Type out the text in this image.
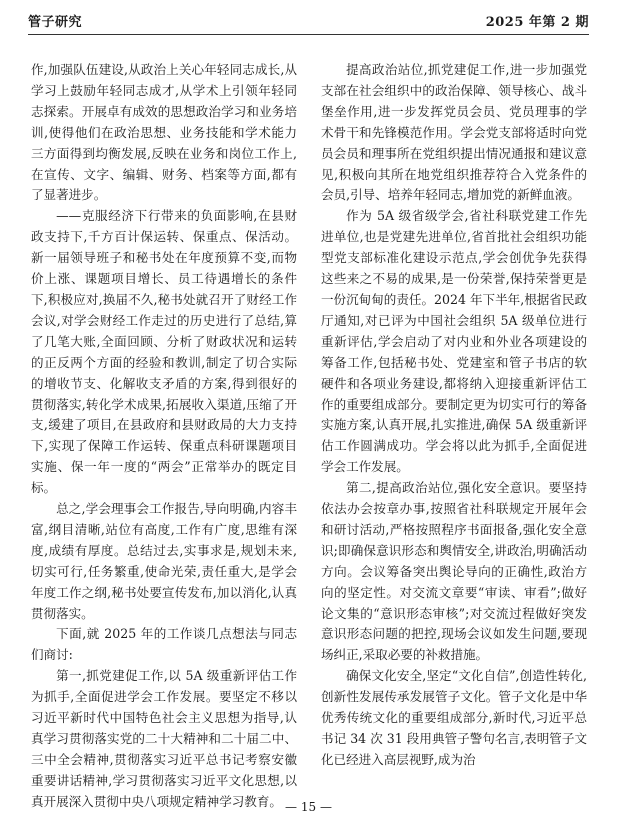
管子研究	2025 年第 2 期

作,加强队伍建设,从政治上关心年轻同志成长,从学习上鼓励年轻同志成才,从学术上引领年轻同志探索。开展卓有成效的思想政治学习和业务培训,使得他们在政治思想、业务技能和学术能力三方面得到均衡发展,反映在业务和岗位工作上,在宣传、文字、编辑、财务、档案等方面,都有了显著进步。

——克服经济下行带来的负面影响,在县财政支持下,千方百计保运转、保重点、保活动。新一届领导班子和秘书处在年度预算不变,而物价上涨、课题项目增长、员工待遇增长的条件下,积极应对,换届不久,秘书处就召开了财经工作会议,对学会财经工作走过的历史进行了总结,算了几笔大账,全面回顾、分析了财政状况和运转的正反两个方面的经验和教训,制定了切合实际的增收节支、化解收支矛盾的方案,得到很好的贯彻落实,转化学术成果,拓展收入渠道,压缩了开支,缓建了项目,在县政府和县财政局的大力支持下,实现了保障工作运转、保重点科研课题项目实施、保一年一度的“两会”正常举办的既定目标。

总之,学会理事会工作报告,导向明确,内容丰富,纲目清晰,站位有高度,工作有广度,思维有深度,成绩有厚度。总结过去,实事求是,规划未来,切实可行,任务繁重,使命光荣,责任重大,是学会年度工作之纲,秘书处要宣传发布,加以消化,认真贯彻落实。

下面,就 2025 年的工作谈几点想法与同志们商讨:

第一,抓党建促工作,以 5A 级重新评估工作为抓手,全面促进学会工作发展。要坚定不移以习近平新时代中国特色社会主义思想为指导,认真学习贯彻落实党的二十大精神和二十届二中、三中全会精神,贯彻落实习近平总书记考察安徽重要讲话精神,学习贯彻落实习近平文化思想,以真开展深入贯彻中央八项规定精神学习教育。

提高政治站位,抓党建促工作,进一步加强党支部在社会组织中的政治保障、领导核心、战斗堡垒作用,进一步发挥党员会员、党员理事的学术骨干和先锋模范作用。学会党支部将适时向党员会员和理事所在党组织提出情况通报和建议意见,积极向其所在地党组织推荐符合入党条件的会员,引导、培养年轻同志,增加党的新鲜血液。

作为 5A 级省级学会,省社科联党建工作先进单位,也是党建先进单位,省首批社会组织功能型党支部标准化建设示范点,学会创优争先获得这些来之不易的成果,是一份荣誉,保持荣誉更是一份沉甸甸的责任。2024 年下半年,根据省民政厅通知,对已评为中国社会组织 5A 级单位进行重新评估,学会启动了对内业和外业各项建设的筹备工作,包括秘书处、党建室和管子书店的软硬件和各项业务建设,都将纳入迎接重新评估工作的重要组成部分。要制定更为切实可行的筹备实施方案,认真开展,扎实推进,确保 5A 级重新评估工作圆满成功。学会将以此为抓手,全面促进学会工作发展。

第二,提高政治站位,强化安全意识。要坚持依法办会按章办事,按照省社科联规定开展年会和研讨活动,严格按照程序书面报备,强化安全意识;即确保意识形态和舆情安全,讲政治,明确活动方向。会议筹备突出舆论导向的正确性,政治方向的坚定性。对交流文章要“审读、审看”;做好论文集的“意识形态审核”;对交流过程做好突发意识形态问题的把控,现场会议如发生问题,要现场纠正,采取必要的补救措施。

确保文化安全,坚定“文化自信”,创造性转化,创新性发展传承发展管子文化。管子文化是中华优秀传统文化的重要组成部分,新时代,习近平总书记 34 次 31 段用典管子警句名言,表明管子文化已经进入高层视野,成为治

— 15 —
